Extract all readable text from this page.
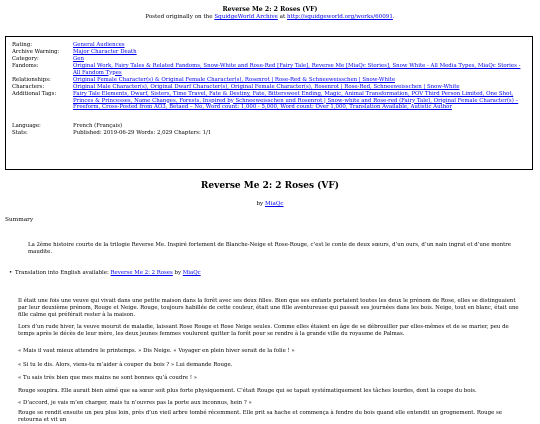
Reverse Me 2: 2 Roses (VF)
Posted originally on the SquidgeWorld Archive at http://squidgeworld.org/works/60091.
Rating:	General Audiences
Archive Warning:	Major Character Death
Category:	Gen
Fandoms:	Original Work, Fairy Tales & Related Fandoms, Snow-White and Rose-Red [Fairy Tale], Reverse Me [MiaQc Stories], Snow White - All Media Types, MiaQc Stories - All Fandom Types
Relationships:	Original Female Character(s) & Original Female Character(s), Rosenrot | Rose-Red & Schneeweisschen | Snow-White
Characters:	Original Male Character(s), Original Dwarf Character(s), Original Female Character(s), Rosenrot | Rose-Red, Schneeweisschen | Snow-White
Additional Tags:	Fairy Tale Elements, Dwarf, Sisters, Time Travel, Fate & Destiny, Fate, Bittersweet Ending, Magic, Animal Transformation, POV Third Person Limited, One Shot, Princes & Princesses, Name Changes, Forests, Inspired by Schneeweisschen und Rosenrot | Snow-white and Rose-red (Fairy Tale), Original Female Character(s) – Freeform, Cross-Posted from AO3, Betaed – No, Word count: 1,000 - 5,000, Word count: Over 1,000, Translation Available, Autistic Author
Language:	French (Français)
Stats:	Published: 2019-06-29 Words: 2,029 Chapters: 1/1
Reverse Me 2: 2 Roses (VF)
by MiaQc
Summary
La 2ème histoire courte de la trilogie Reverse Me. Inspiré fortement de Blanche-Neige et Rose-Rouge, c’est le conte de deux sœurs, d’un ours, d’un nain ingrat et d’une montre maudite.
• Translation into English available: Reverse Me 2: 2 Roses by MiaQc
Il était une fois une veuve qui vivait dans une petite maison dans la forêt avec ses deux filles. Bien que ses enfants portaient toutes les deux le prénom de Rose, elles se distinguaient par leur deuxième prénom, Rouge et Neige. Rouge, toujours habillée de cette couleur, était une fille aventureuse qui passait ses journées dans les bois. Neige, tout en blanc, était une fille calme qui préférait rester à la maison.
Lors d’un rude hiver, la veuve mourut de maladie, laissant Rose Rouge et Rose Neige seules. Comme elles étaient en âge de se débrouiller par elles-mêmes et de se marier, peu de temps après le décès de leur mère, les deux jeunes femmes voulurent quitter la forêt pour se rendre à la grande ville du royaume de Palmas.
« Mais il vaut mieux attendre le printemps. » Dis Neige. « Voyager en plein hiver serait de la folie ! »
« Si tu le dis. Alors, viens-tu m’aider à couper du bois ? » Lui demande Rouge.
« Tu sais très bien que mes mains ne sont bonnes qu’à coudre ! »
Rouge soupira. Elle aurait bien aimé que sa sœur soit plus forte physiquement. C’était Rouge qui se tapait systématiquement les tâches lourdes, dont la coupe du bois.
« D’accord, je vais m’en charger, mais tu n’ouvres pas la porte aux inconnus, hein ? »
Rouge se rendit ensuite un peu plus loin, près d’un vieil arbre tombé récemment. Elle prit sa hache et commença à fendre du bois quand elle entendit un grognement. Rouge se retourna et vit un
